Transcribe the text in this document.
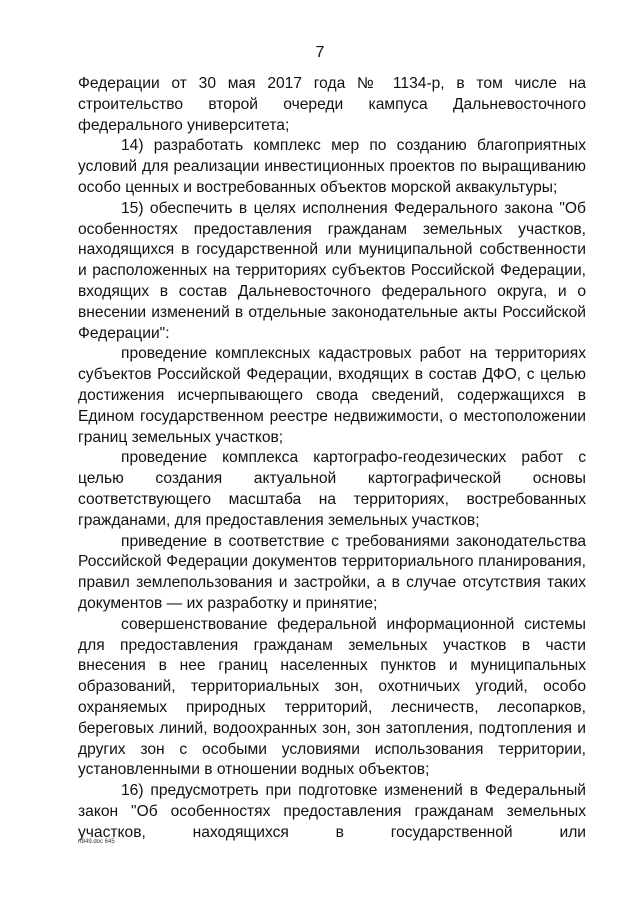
7

Федерации от 30 мая 2017 года № 1134-р, в том числе на строительство второй очереди кампуса Дальневосточного федерального университета;

14) разработать комплекс мер по созданию благоприятных условий для реализации инвестиционных проектов по выращиванию особо ценных и востребованных объектов морской аквакультуры;

15) обеспечить в целях исполнения Федерального закона "Об особенностях предоставления гражданам земельных участков, находящихся в государственной или муниципальной собственности и расположенных на территориях субъектов Российской Федерации, входящих в состав Дальневосточного федерального округа, и о внесении изменений в отдельные законодательные акты Российской Федерации":

проведение комплексных кадастровых работ на территориях субъектов Российской Федерации, входящих в состав ДФО, с целью достижения исчерпывающего свода сведений, содержащихся в Едином государственном реестре недвижимости, о местоположении границ земельных участков;

проведение комплекса картографо-геодезических работ с целью создания актуальной картографической основы соответствующего масштаба на территориях, востребованных гражданами, для предоставления земельных участков;

приведение в соответствие с требованиями законодательства Российской Федерации документов территориального планирования, правил землепользования и застройки, а в случае отсутствия таких документов — их разработку и принятие;

совершенствование федеральной информационной системы для предоставления гражданам земельных участков в части внесения в нее границ населенных пунктов и муниципальных образований, территориальных зон, охотничьих угодий, особо охраняемых природных территорий, лесничеств, лесопарков, береговых линий, водоохранных зон, зон затопления, подтопления и других зон с особыми условиями использования территории, установленными в отношении водных объектов;

16) предусмотреть при подготовке изменений в Федеральный закон "Об особенностях предоставления гражданам земельных участков, находящихся в государственной или

rt849.doc 645
